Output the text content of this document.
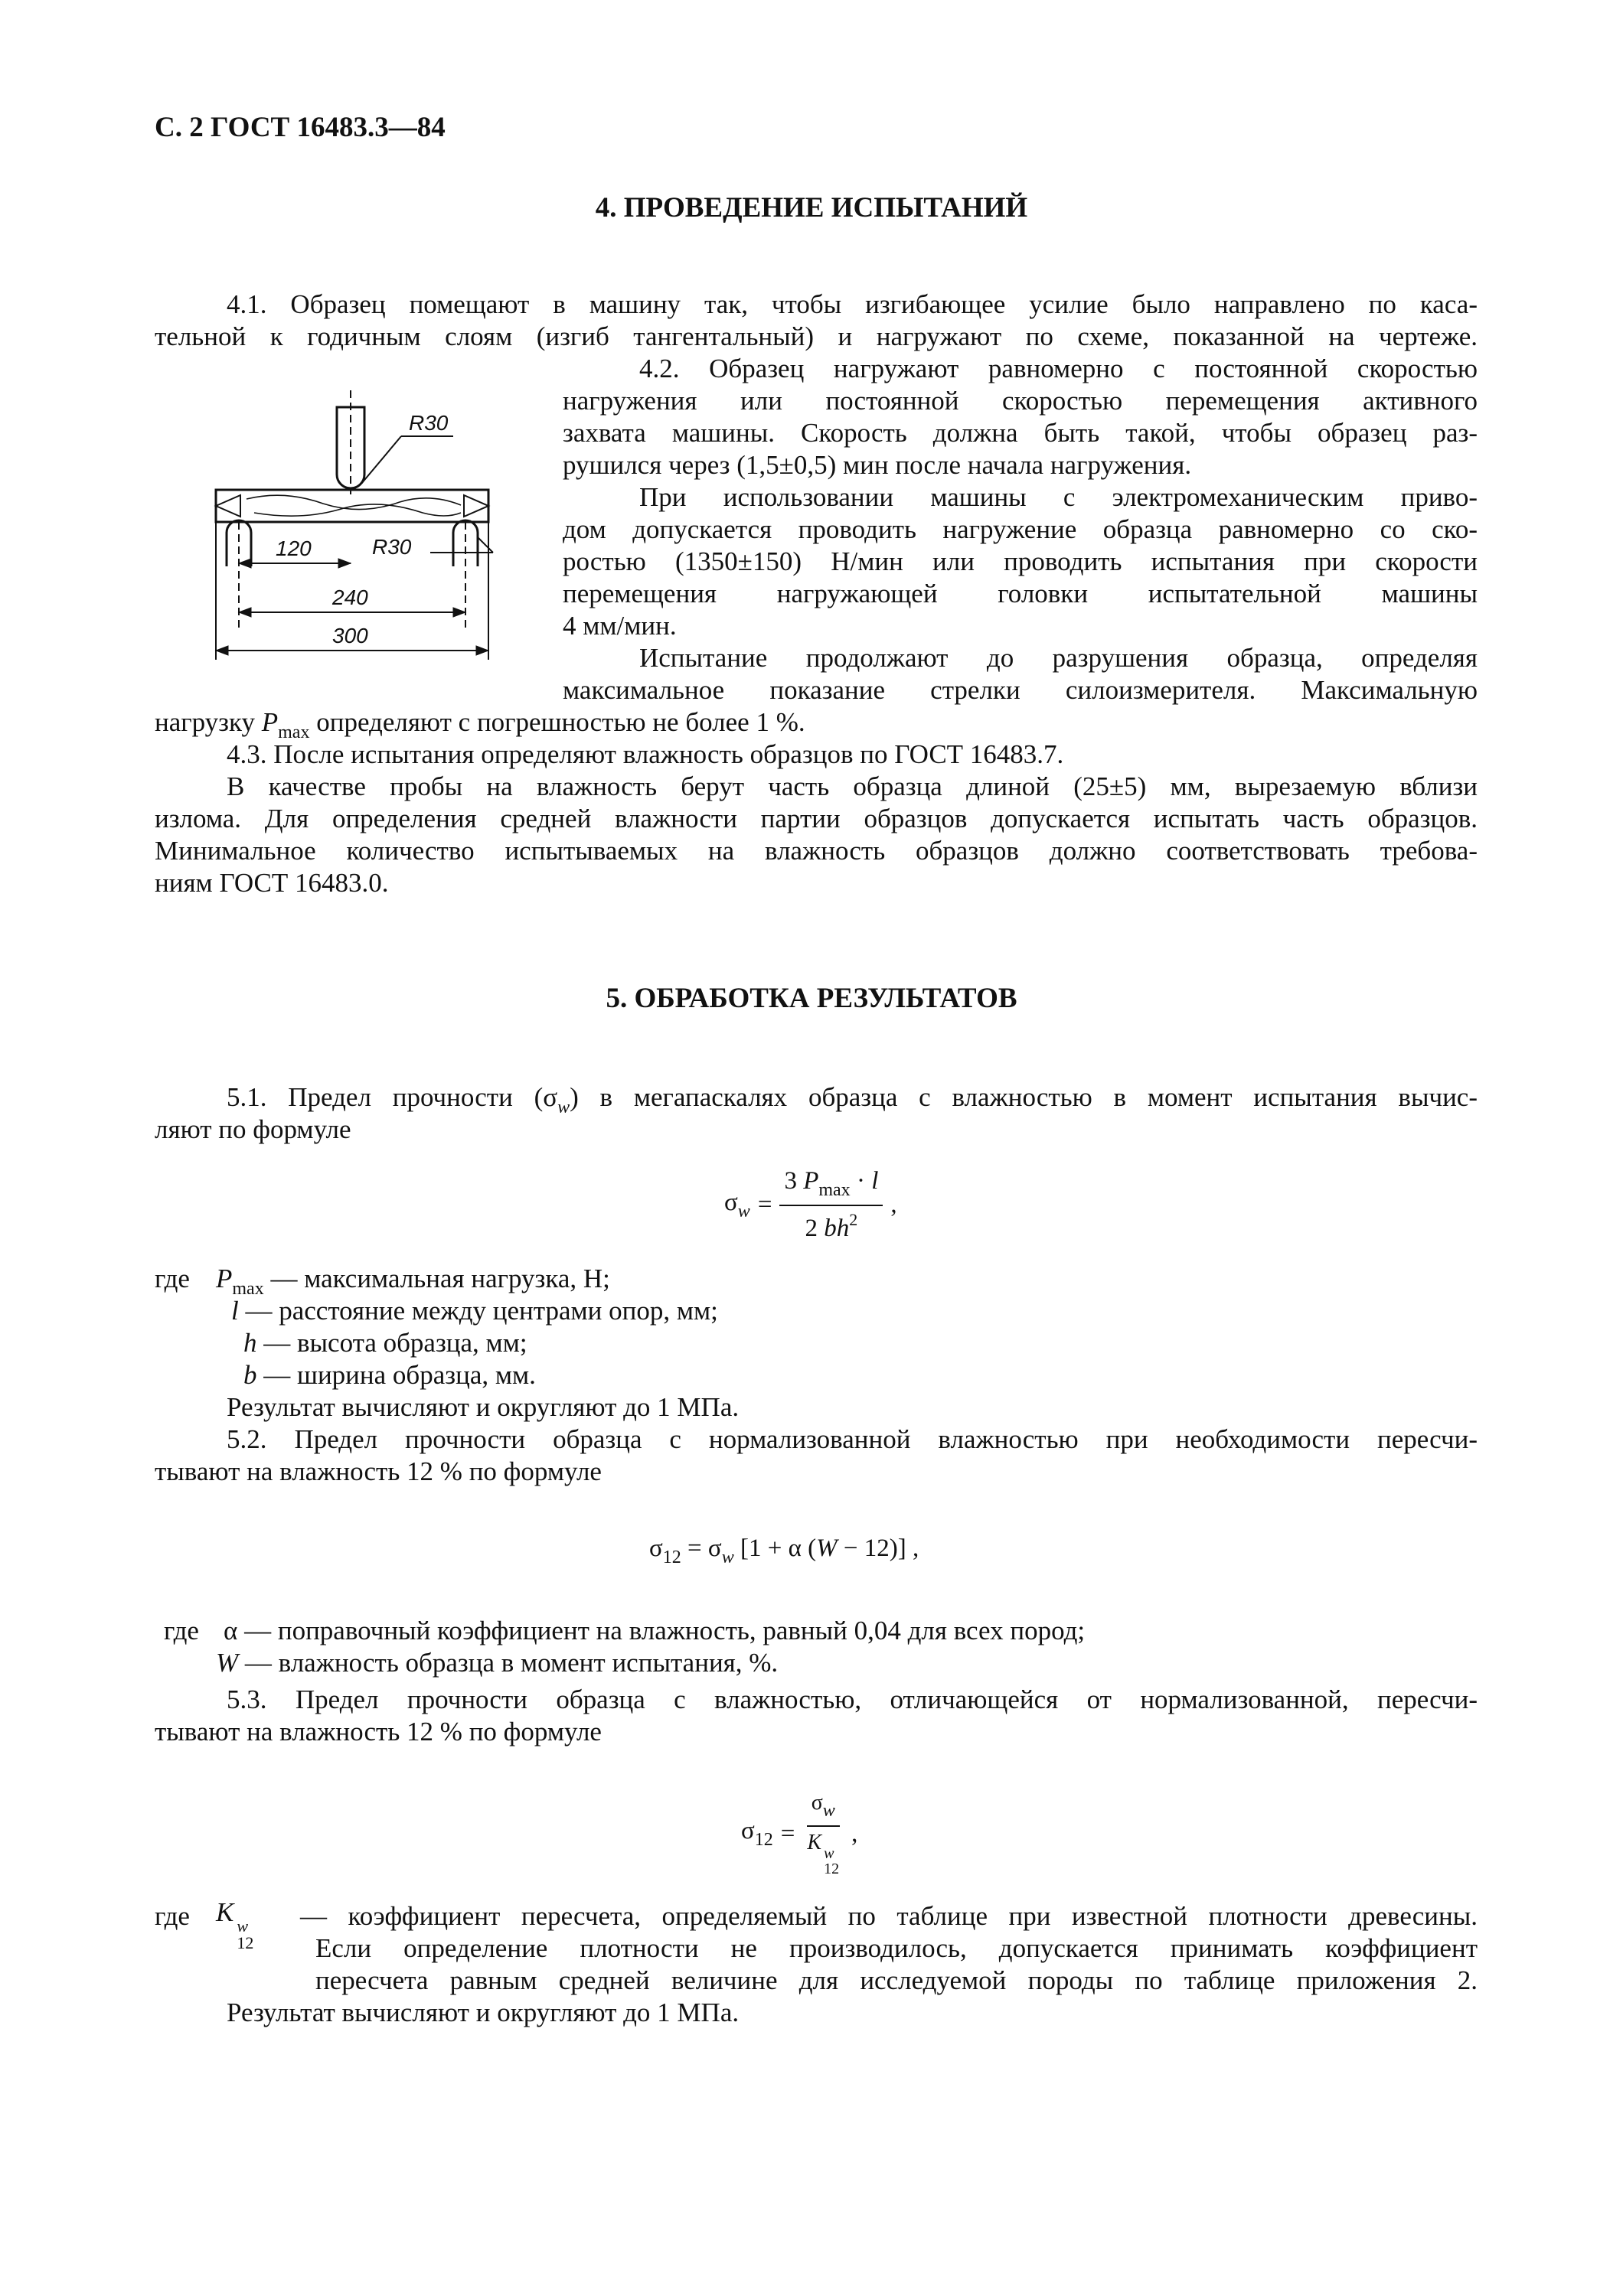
С. 2 ГОСТ 16483.3—84
4. ПРОВЕДЕНИЕ ИСПЫТАНИЙ
4.1. Образец помещают в машину так, чтобы изгибающее усилие было направлено по каса-
тельной к годичным слоям (изгиб тангентальный) и нагружают по схеме, показанной на чертеже.
R30
R30
120
240
300
4.2. Образец нагружают равномерно с постоянной скоростью
нагружения или постоянной скоростью перемещения активного
захвата машины. Скорость должна быть такой, чтобы образец раз-
рушился через (1,5±0,5) мин после начала нагружения.
При использовании машины с электромеханическим приво-
дом допускается проводить нагружение образца равномерно со ско-
ростью (1350±150) Н/мин или проводить испытания при скорости
перемещения нагружающей головки испытательной машины
4 мм/мин.
Испытание продолжают до разрушения образца, определяя
максимальное показание стрелки силоизмерителя. Максимальную
нагрузку $P_{max}$ определяют с погрешностью не более 1 %.
4.3. После испытания определяют влажность образцов по ГОСТ 16483.7.
В качестве пробы на влажность берут часть образца длиной (25±5) мм, вырезаемую вблизи
излома. Для определения средней влажности партии образцов допускается испытать часть образцов.
Минимальное количество испытываемых на влажность образцов должно соответствовать требова-
ниям ГОСТ 16483.0.
5. ОБРАБОТКА РЕЗУЛЬТАТОВ
5.1. Предел прочности $(\sigma_w)$ в мегапаскалях образца с влажностью в момент испытания вычис-
ляют по формуле
$\sigma_w = \frac{3 P_{max} \cdot l}{2 bh^2}$ ,
где $P_{max}$ — максимальная нагрузка, Н;
l — расстояние между центрами опор, мм;
h — высота образца, мм;
b — ширина образца, мм.
Результат вычисляют и округляют до 1 МПа.
5.2. Предел прочности образца с нормализованной влажностью при необходимости пересчи-
тывают на влажность 12 % по формуле
$\sigma_{12} = \sigma_w$ [1 + α (W − 12)] ,
где α — поправочный коэффициент на влажность, равный 0,04 для всех пород;
W — влажность образца в момент испытания, %.
5.3. Предел прочности образца с влажностью, отличающейся от нормализованной, пересчи-
тывают на влажность 12 % по формуле
$\sigma_{12} = \sigma w$
K w
12 ,
где K w
12
— коэффициент пересчета, определяемый по таблице при известной плотности древесины.
Если определение плотности не производилось, допускается принимать коэффициент
пересчета равным средней величине для исследуемой породы по таблице приложения 2.
Результат вычисляют и округляют до 1 МПа.
